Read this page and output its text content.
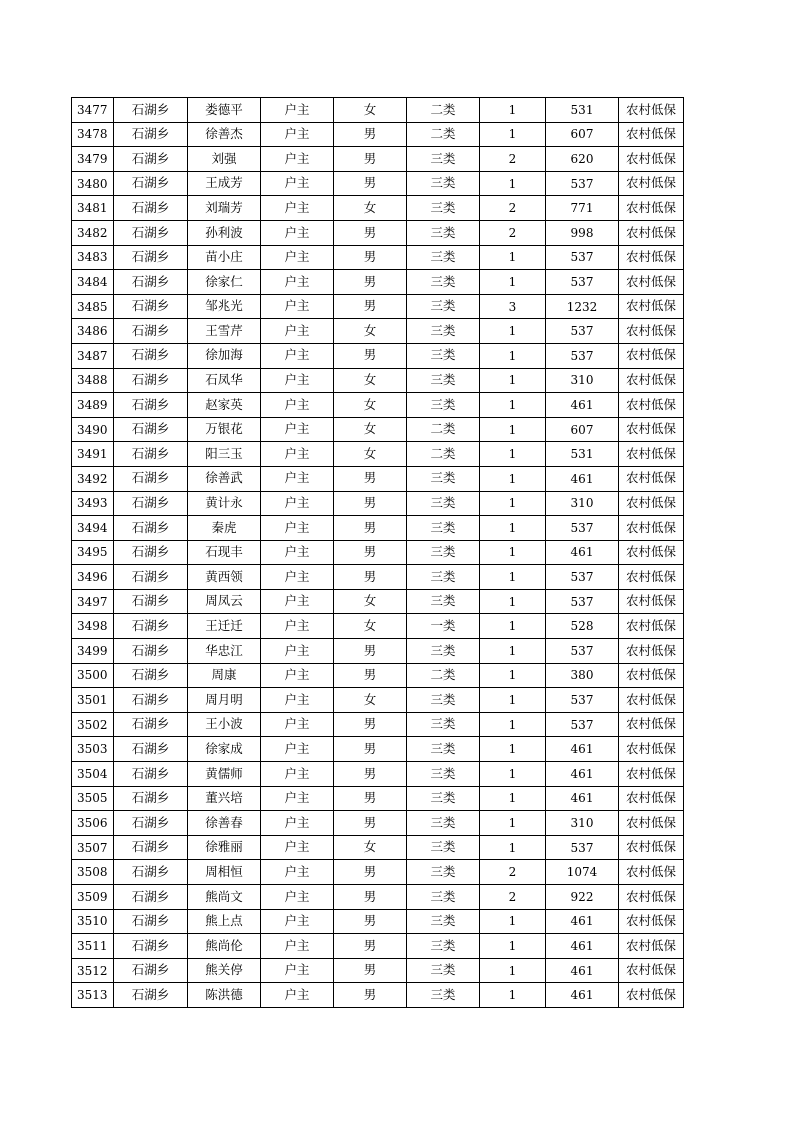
3477	石湖乡	娄德平	户主	女	二类	1	531	农村低保
3478	石湖乡	徐善杰	户主	男	二类	1	607	农村低保
3479	石湖乡	刘强	户主	男	三类	2	620	农村低保
3480	石湖乡	王成芳	户主	男	三类	1	537	农村低保
3481	石湖乡	刘瑞芳	户主	女	三类	2	771	农村低保
3482	石湖乡	孙利波	户主	男	三类	2	998	农村低保
3483	石湖乡	苗小庄	户主	男	三类	1	537	农村低保
3484	石湖乡	徐家仁	户主	男	三类	1	537	农村低保
3485	石湖乡	邹兆光	户主	男	三类	3	1232	农村低保
3486	石湖乡	王雪芹	户主	女	三类	1	537	农村低保
3487	石湖乡	徐加海	户主	男	三类	1	537	农村低保
3488	石湖乡	石凤华	户主	女	三类	1	310	农村低保
3489	石湖乡	赵家英	户主	女	三类	1	461	农村低保
3490	石湖乡	万银花	户主	女	二类	1	607	农村低保
3491	石湖乡	阳三玉	户主	女	二类	1	531	农村低保
3492	石湖乡	徐善武	户主	男	三类	1	461	农村低保
3493	石湖乡	黄计永	户主	男	三类	1	310	农村低保
3494	石湖乡	秦虎	户主	男	三类	1	537	农村低保
3495	石湖乡	石现丰	户主	男	三类	1	461	农村低保
3496	石湖乡	黄西领	户主	男	三类	1	537	农村低保
3497	石湖乡	周凤云	户主	女	三类	1	537	农村低保
3498	石湖乡	王迁迁	户主	女	一类	1	528	农村低保
3499	石湖乡	华忠江	户主	男	三类	1	537	农村低保
3500	石湖乡	周康	户主	男	二类	1	380	农村低保
3501	石湖乡	周月明	户主	女	三类	1	537	农村低保
3502	石湖乡	王小波	户主	男	三类	1	537	农村低保
3503	石湖乡	徐家成	户主	男	三类	1	461	农村低保
3504	石湖乡	黄儒师	户主	男	三类	1	461	农村低保
3505	石湖乡	董兴培	户主	男	三类	1	461	农村低保
3506	石湖乡	徐善春	户主	男	三类	1	310	农村低保
3507	石湖乡	徐雅丽	户主	女	三类	1	537	农村低保
3508	石湖乡	周相恒	户主	男	三类	2	1074	农村低保
3509	石湖乡	熊尚文	户主	男	三类	2	922	农村低保
3510	石湖乡	熊上点	户主	男	三类	1	461	农村低保
3511	石湖乡	熊尚伦	户主	男	三类	1	461	农村低保
3512	石湖乡	熊关停	户主	男	三类	1	461	农村低保
3513	石湖乡	陈洪德	户主	男	三类	1	461	农村低保
